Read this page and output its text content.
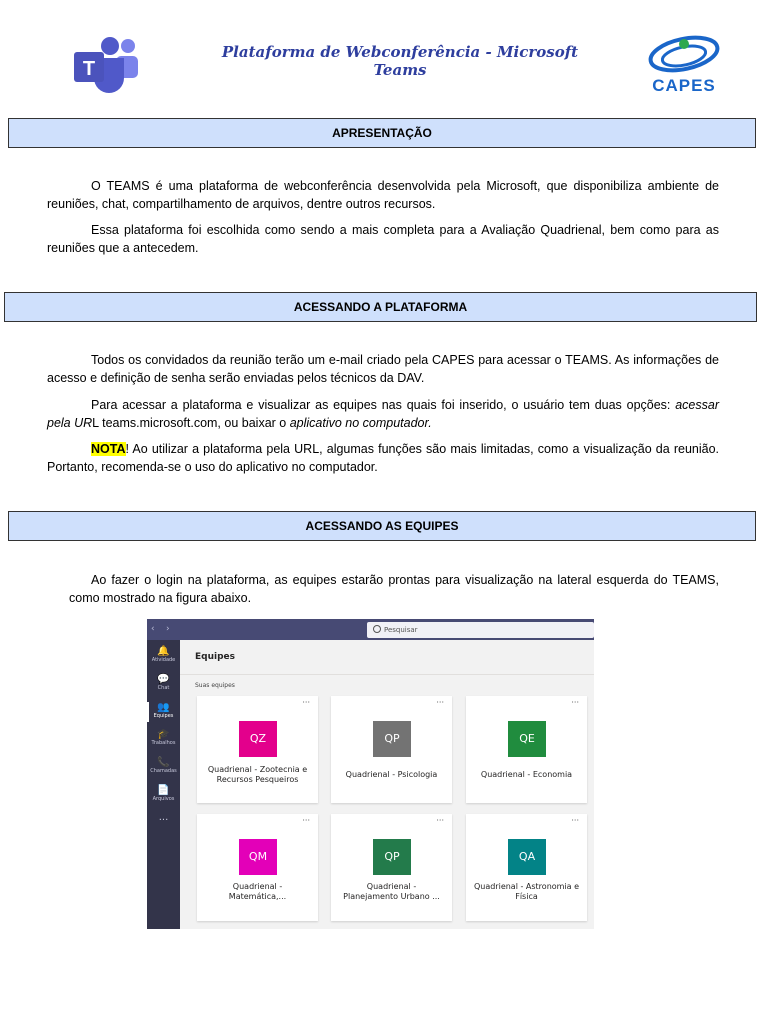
T
Plataforma de Webconferência - Microsoft Teams
CAPES
APRESENTAÇÃO
O TEAMS é uma plataforma de webconferência desenvolvida pela Microsoft, que disponibiliza ambiente de reuniões, chat, compartilhamento de arquivos, dentre outros recursos.
Essa plataforma foi escolhida como sendo a mais completa para a Avaliação Quadrienal, bem como para as reuniões que a antecedem.
ACESSANDO A PLATAFORMA
Todos os convidados da reunião terão um e-mail criado pela CAPES para acessar o TEAMS. As informações de acesso e definição de senha serão enviadas pelos técnicos da DAV.
Para acessar a plataforma e visualizar as equipes nas quais foi inserido, o usuário tem duas opções: acessar pela URL teams.microsoft.com, ou baixar o aplicativo no computador.
NOTA! Ao utilizar a plataforma pela URL, algumas funções são mais limitadas, como a visualização da reunião. Portanto, recomenda-se o uso do aplicativo no computador.
ACESSANDO AS EQUIPES
Ao fazer o login na plataforma, as equipes estarão prontas para visualização na lateral esquerda do TEAMS, como mostrado na figura abaixo.
‹ ›	Pesquisar
🔔
Atividade
💬
Chat
👥
Equipes
🎓
Trabalhos
📞
Chamadas
📄
Arquivos
···
Equipes
Suas equipes
···
QZ
Quadrienal - Zootecnia e Recursos Pesqueiros
···
QP
Quadrienal - Psicologia
···
QE
Quadrienal - Economia
···
QM
Quadrienal - Matemática,...
···
QP
Quadrienal - Planejamento Urbano ...
···
QA
Quadrienal - Astronomia e Física
